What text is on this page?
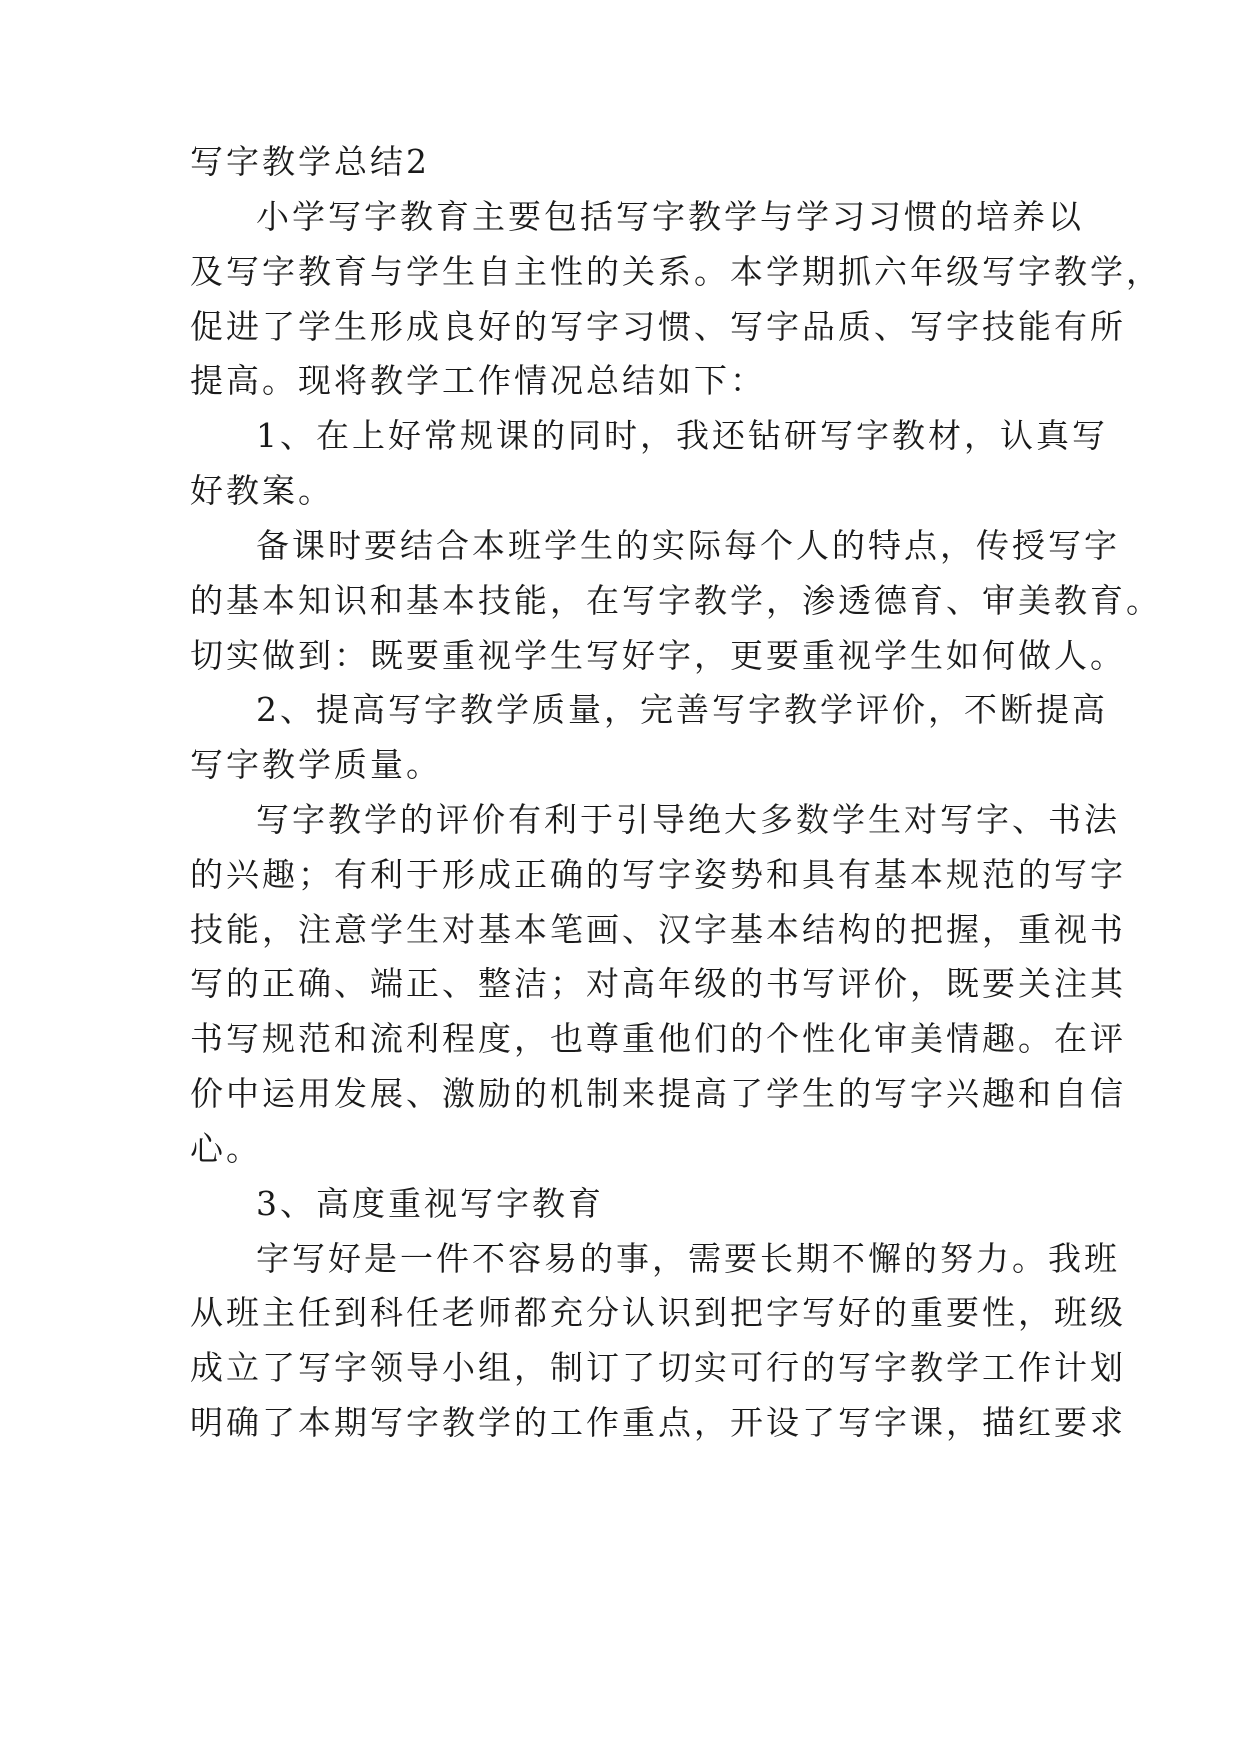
写字教学总结2
小学写字教育主要包括写字教学与学习习惯的培养以
及写字教育与学生自主性的关系。本学期抓六年级写字教学，
促进了学生形成良好的写字习惯、写字品质、写字技能有所
提高。现将教学工作情况总结如下：
1、在上好常规课的同时，我还钻研写字教材，认真写
好教案。
备课时要结合本班学生的实际每个人的特点，传授写字
的基本知识和基本技能，在写字教学，渗透德育、审美教育。
切实做到：既要重视学生写好字，更要重视学生如何做人。
2、提高写字教学质量，完善写字教学评价，不断提高
写字教学质量。
写字教学的评价有利于引导绝大多数学生对写字、书法
的兴趣；有利于形成正确的写字姿势和具有基本规范的写字
技能，注意学生对基本笔画、汉字基本结构的把握，重视书
写的正确、端正、整洁；对高年级的书写评价，既要关注其
书写规范和流利程度，也尊重他们的个性化审美情趣。在评
价中运用发展、激励的机制来提高了学生的写字兴趣和自信
心。
3、高度重视写字教育
字写好是一件不容易的事，需要长期不懈的努力。我班
从班主任到科任老师都充分认识到把字写好的重要性，班级
成立了写字领导小组，制订了切实可行的写字教学工作计划
明确了本期写字教学的工作重点，开设了写字课，描红要求
